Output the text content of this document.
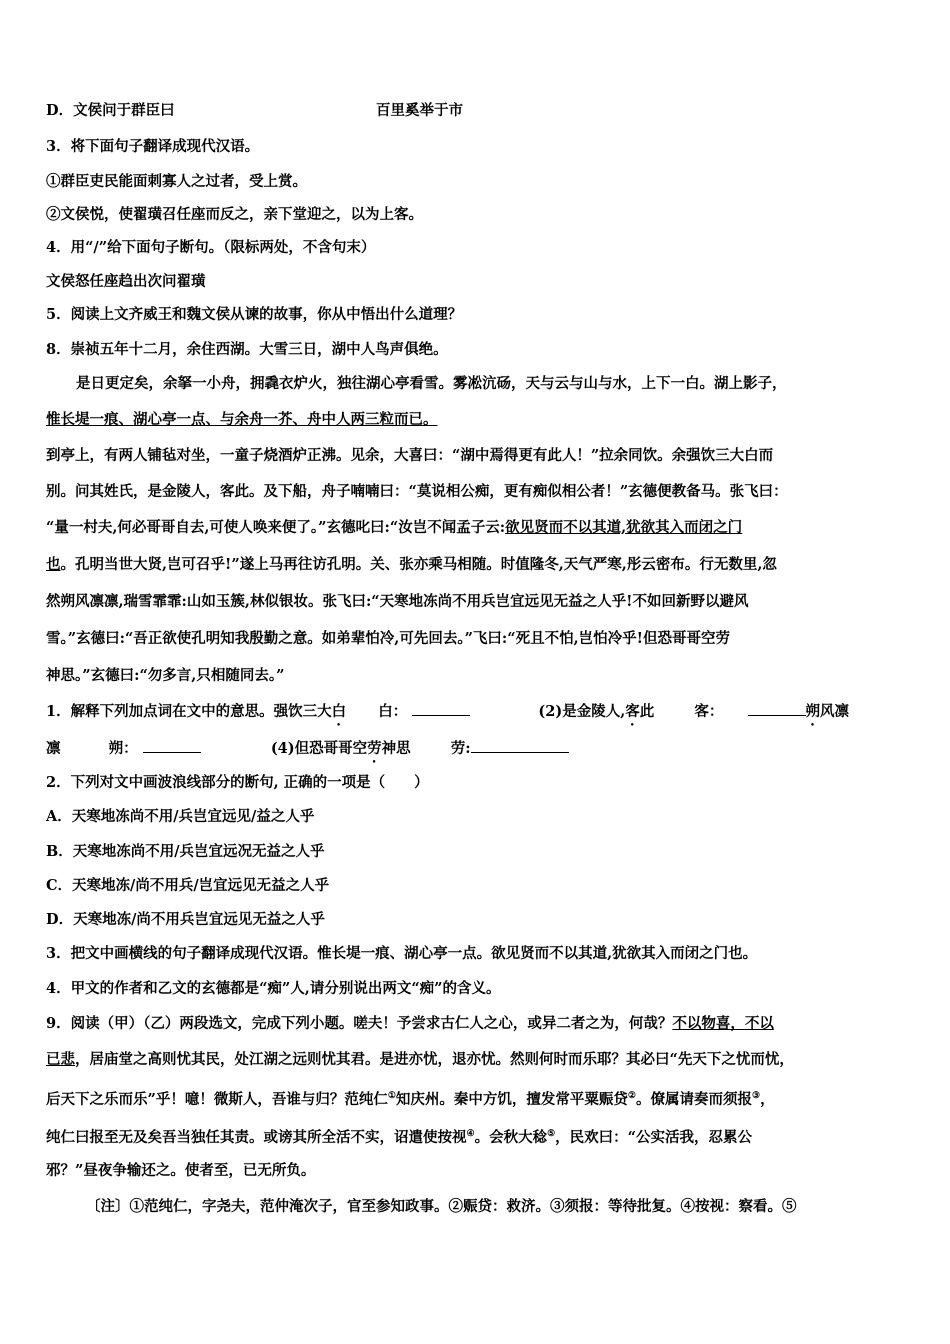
D．文侯问于群臣曰	百里奚举于市
3．将下面句子翻译成现代汉语。
①群臣吏民能面刺寡人之过者，受上赏。
②文侯悦，使翟璜召任座而反之，亲下堂迎之，以为上客。
4．用“/”给下面句子断句。（限标两处，不含句末）
文侯怒任座趋出次问翟璜
5．阅读上文齐威王和魏文侯从谏的故事，你从中悟出什么道理？
8．崇祯五年十二月，余住西湖。大雪三日，湖中人鸟声俱绝。
是日更定矣，余拏一小舟，拥毳衣炉火，独往湖心亭看雪。雾凇沆砀，天与云与山与水，上下一白。湖上影子，
惟长堤一痕、湖心亭一点、与余舟一芥、舟中人两三粒而已。
到亭上，有两人铺毡对坐，一童子烧酒炉正沸。见余，大喜曰：“湖中焉得更有此人！”拉余同饮。余强饮三大白而
别。问其姓氏，是金陵人，客此。及下船，舟子喃喃曰：“莫说相公痴，更有痴似相公者！”玄德便教备马。张飞曰：
“量一村夫,何必哥哥自去,可使人唤来便了。”玄德叱曰:“汝岂不闻孟子云:欲见贤而不以其道,犹欲其入而闭之门
也。孔明当世大贤,岂可召乎!”遂上马再往访孔明。关、张亦乘马相随。时值隆冬,天气严寒,彤云密布。行无数里,忽
然朔风凛凛,瑞雪霏霏:山如玉簇,林似银妆。张飞曰:“天寒地冻尚不用兵岂宜远见无益之人乎!不如回新野以避风
雪。”玄德曰:“吾正欲使孔明知我殷勤之意。如弟辈怕冷,可先回去。”飞曰:“死且不怕,岂怕冷乎!但恐哥哥空劳
神思。”玄德曰:“勿多言,只相随同去。”
1．解释下列加点词在文中的意思。强饮三大白 白：	(2)是金陵人,客此	客：	朔风凛
凛	朔：	(4)但恐哥哥空劳神思	劳:
2．下列对文中画波浪线部分的断句, 正确的一项是（　　）
A．天寒地冻尚不用/兵岂宜远见/益之人乎
B．天寒地冻尚不用/兵岂宜远况无益之人乎
C．天寒地冻/尚不用兵/岂宜远见无益之人乎
D．天寒地冻/尚不用兵岂宜远见无益之人乎
3．把文中画横线的句子翻译成现代汉语。惟长堤一痕、湖心亭一点。欲见贤而不以其道,犹欲其入而闭之门也。
4．甲文的作者和乙文的玄德都是“痴”人,请分别说出两文“痴”的含义。
9．阅读（甲）（乙）两段选文，完成下列小题。嗟夫！予尝求古仁人之心，或异二者之为，何哉？不以物喜，不以
已悲，居庙堂之高则忧其民，处江湖之远则忧其君。是进亦忧，退亦忧。然则何时而乐耶？其必曰“先天下之忧而忧，
后天下之乐而乐”乎！噫！微斯人，吾谁与归？范纯仁①知庆州。秦中方饥，擅发常平粟赈贷②。僚属请奏而须报③，
纯仁曰报至无及矣吾当独任其责。或谤其所全活不实，诏遣使按视④。会秋大稔⑤，民欢曰：“公实活我，忍累公
邪？”昼夜争输还之。使者至，已无所负。
〔注〕①范纯仁，字尧夫，范仲淹次子，官至参知政事。②赈贷：救济。③须报：等待批复。④按视：察看。⑤
